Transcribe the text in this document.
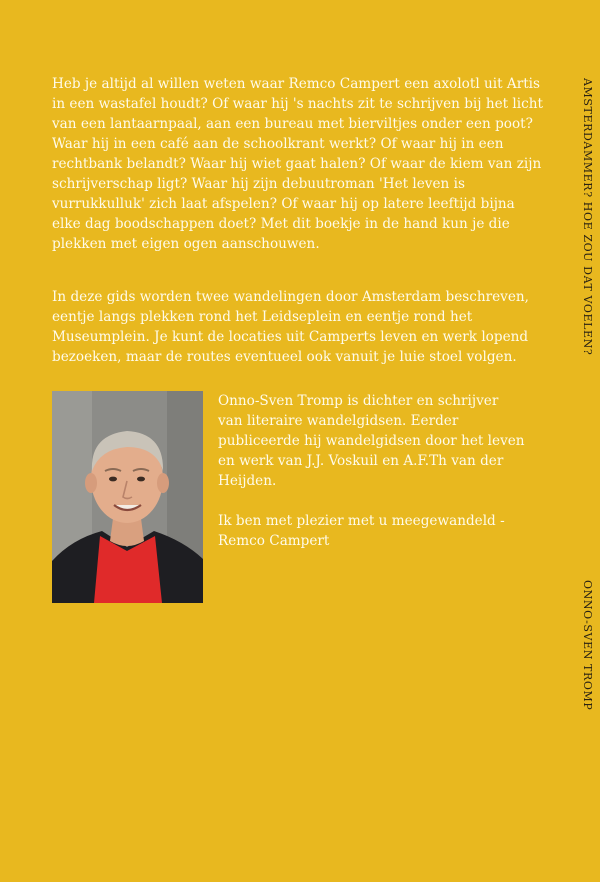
Heb je altijd al willen weten waar Remco Campert een axolotl uit Artis
in een wastafel houdt? Of waar hij 's nachts zit te schrijven bij het licht
van een lantaarnpaal, aan een bureau met bierviltjes onder een poot?
Waar hij in een café aan de schoolkrant werkt? Of waar hij in een
rechtbank belandt? Waar hij wiet gaat halen? Of waar de kiem van zijn
schrijverschap ligt? Waar hij zijn debuutroman 'Het leven is
vurrukkulluk' zich laat afspelen? Of waar hij op latere leeftijd bijna
elke dag boodschappen doet? Met dit boekje in de hand kun je die
plekken met eigen ogen aanschouwen.

In deze gids worden twee wandelingen door Amsterdam beschreven,
eentje langs plekken rond het Leidseplein en eentje rond het
Museumplein. Je kunt de locaties uit Camperts leven en werk lopend
bezoeken, maar de routes eventueel ook vanuit je luie stoel volgen.

Onno-Sven Tromp is dichter en schrijver
van literaire wandelgidsen. Eerder
publiceerde hij wandelgidsen door het leven
en werk van J.J. Voskuil en A.F.Th van der
Heijden.

Ik ben met plezier met u meegewandeld -
Remco Campert

AMSTERDAMMER? HOE ZOU DAT VOELEN?
ONNO-SVEN TROMP
